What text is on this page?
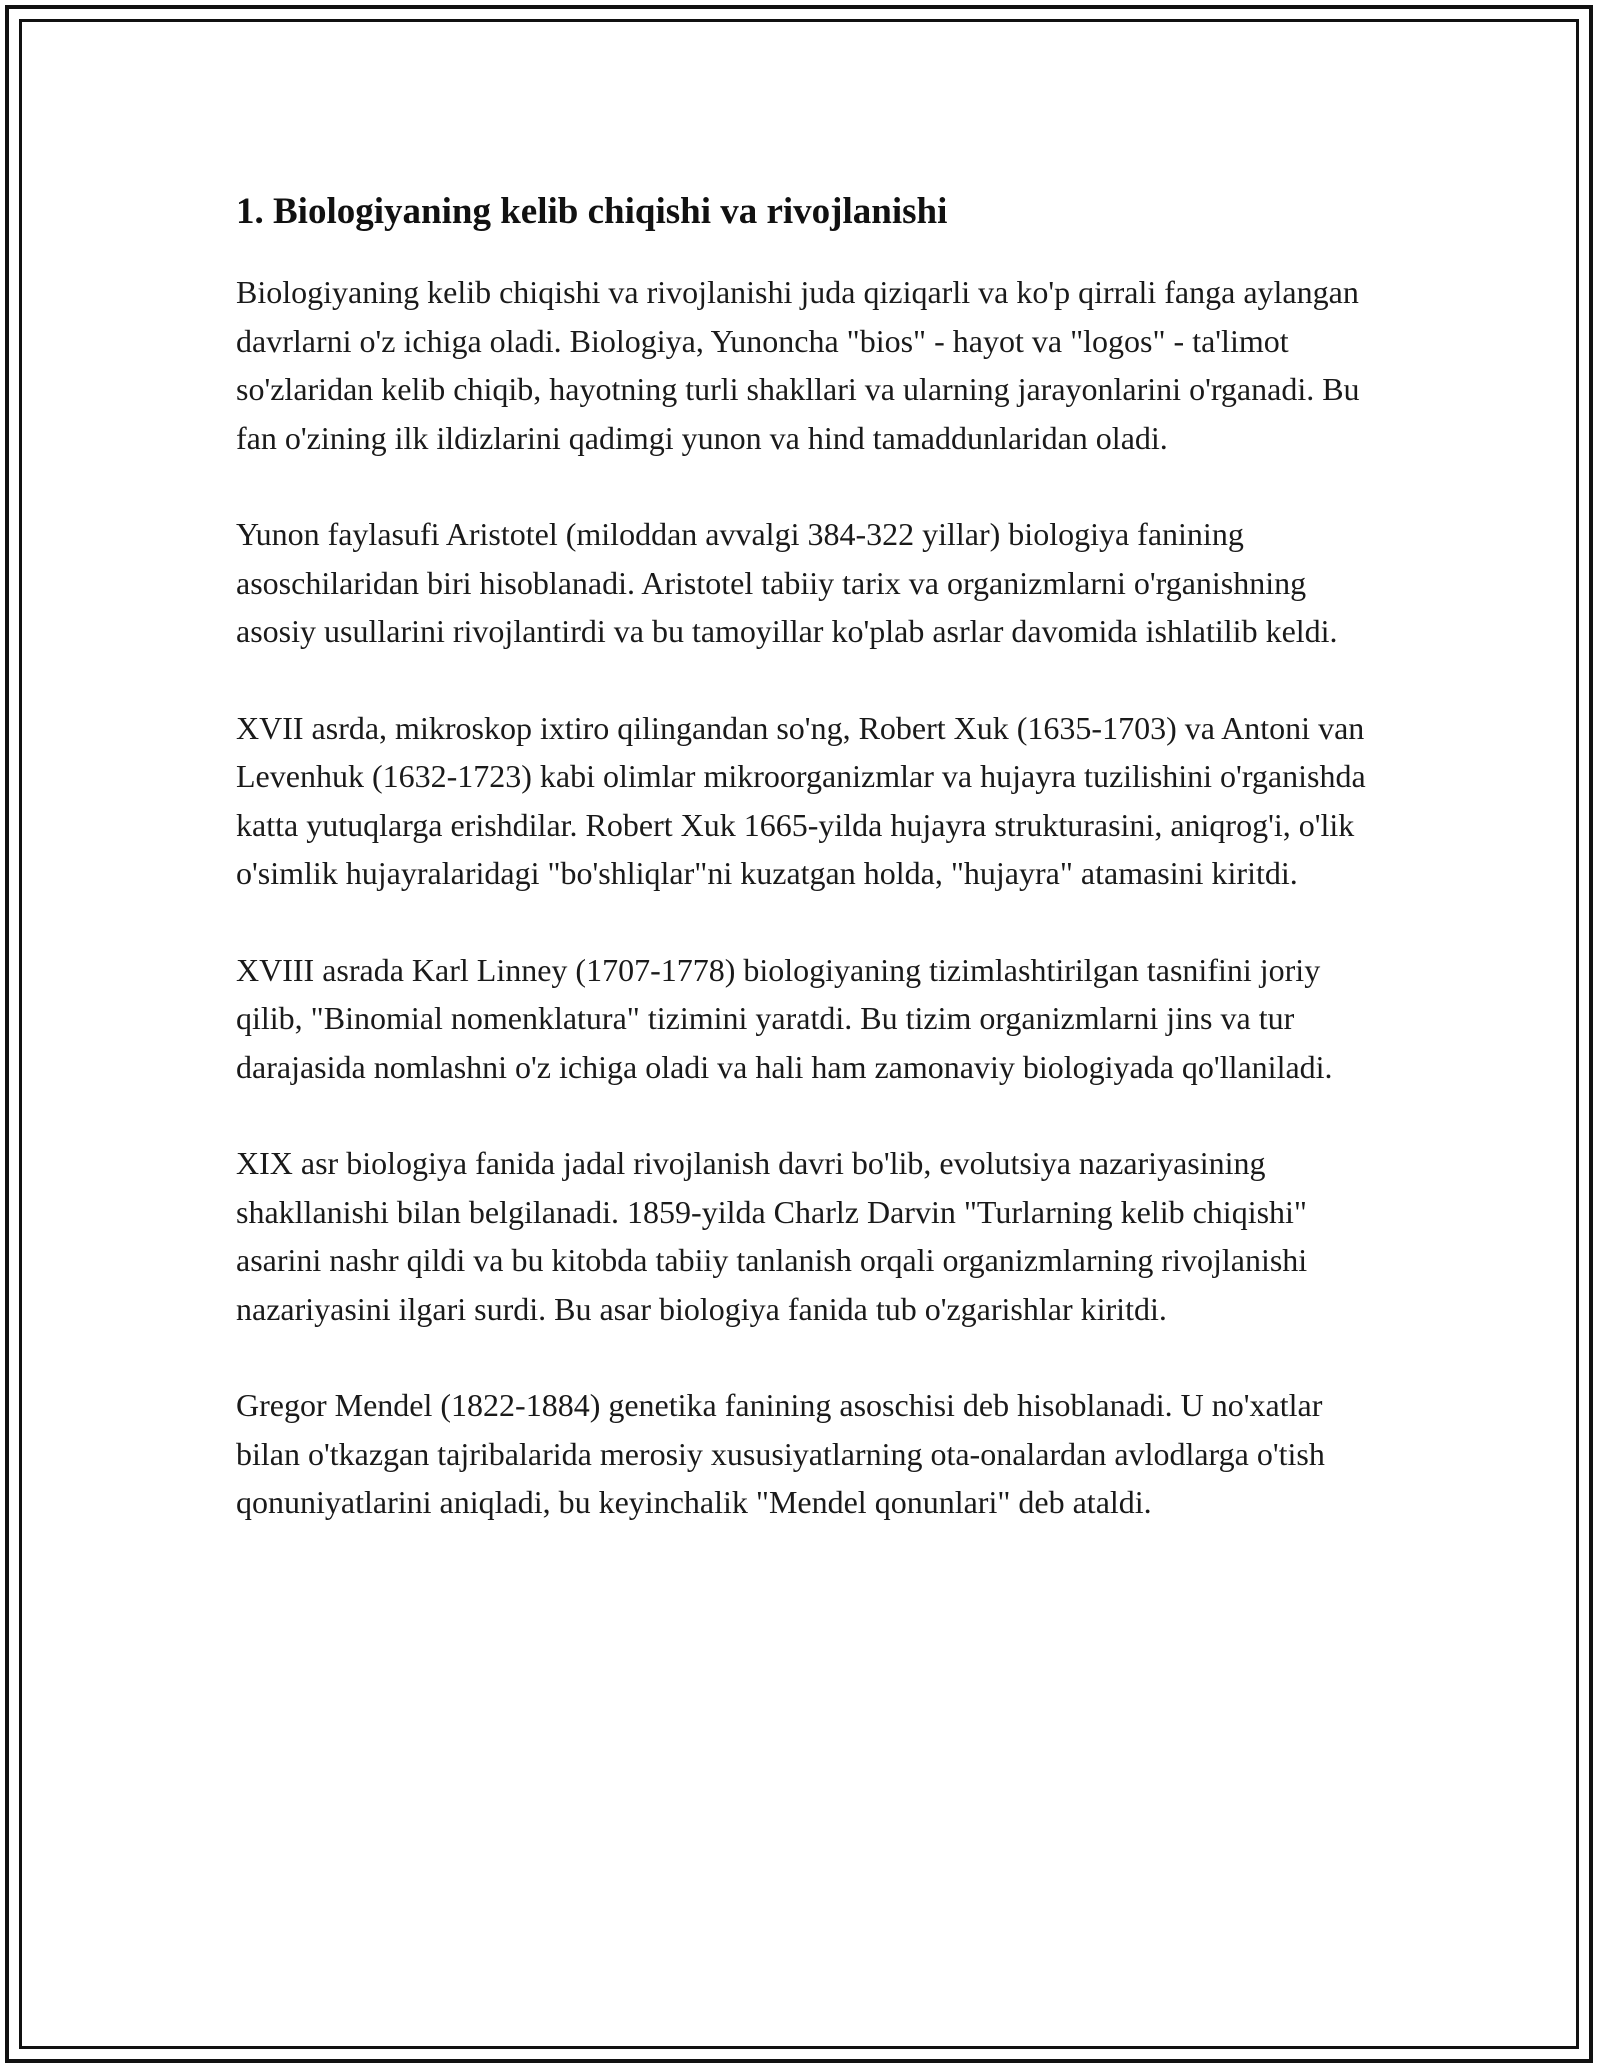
1. Biologiyaning kelib chiqishi va rivojlanishi

Biologiyaning kelib chiqishi va rivojlanishi juda qiziqarli va ko'p qirrali fanga aylangan davrlarni o'z ichiga oladi. Biologiya, Yunoncha "bios" - hayot va "logos" - ta'limot so'zlaridan kelib chiqib, hayotning turli shakllari va ularning jarayonlarini o'rganadi. Bu fan o'zining ilk ildizlarini qadimgi yunon va hind tamaddunlaridan oladi.

Yunon faylasufi Aristotel (miloddan avvalgi 384-322 yillar) biologiya fanining asoschilaridan biri hisoblanadi. Aristotel tabiiy tarix va organizmlarni o'rganishning asosiy usullarini rivojlantirdi va bu tamoyillar ko'plab asrlar davomida ishlatilib keldi.

XVII asrda, mikroskop ixtiro qilingandan so'ng, Robert Xuk (1635-1703) va Antoni van Levenhuk (1632-1723) kabi olimlar mikroorganizmlar va hujayra tuzilishini o'rganishda katta yutuqlarga erishdilar. Robert Xuk 1665-yilda hujayra strukturasini, aniqrog'i, o'lik o'simlik hujayralaridagi "bo'shliqlar"ni kuzatgan holda, "hujayra" atamasini kiritdi.

XVIII asrada Karl Linney (1707-1778) biologiyaning tizimlashtirilgan tasnifini joriy qilib, "Binomial nomenklatura" tizimini yaratdi. Bu tizim organizmlarni jins va tur darajasida nomlashni o'z ichiga oladi va hali ham zamonaviy biologiyada qo'llaniladi.

XIX asr biologiya fanida jadal rivojlanish davri bo'lib, evolutsiya nazariyasining shakllanishi bilan belgilanadi. 1859-yilda Charlz Darvin "Turlarning kelib chiqishi" asarini nashr qildi va bu kitobda tabiiy tanlanish orqali organizmlarning rivojlanishi nazariyasini ilgari surdi. Bu asar biologiya fanida tub o'zgarishlar kiritdi.

Gregor Mendel (1822-1884) genetika fanining asoschisi deb hisoblanadi. U no'xatlar bilan o'tkazgan tajribalarida merosiy xususiyatlarning ota-onalardan avlodlarga o'tish qonuniyatlarini aniqladi, bu keyinchalik "Mendel qonunlari" deb ataldi.
